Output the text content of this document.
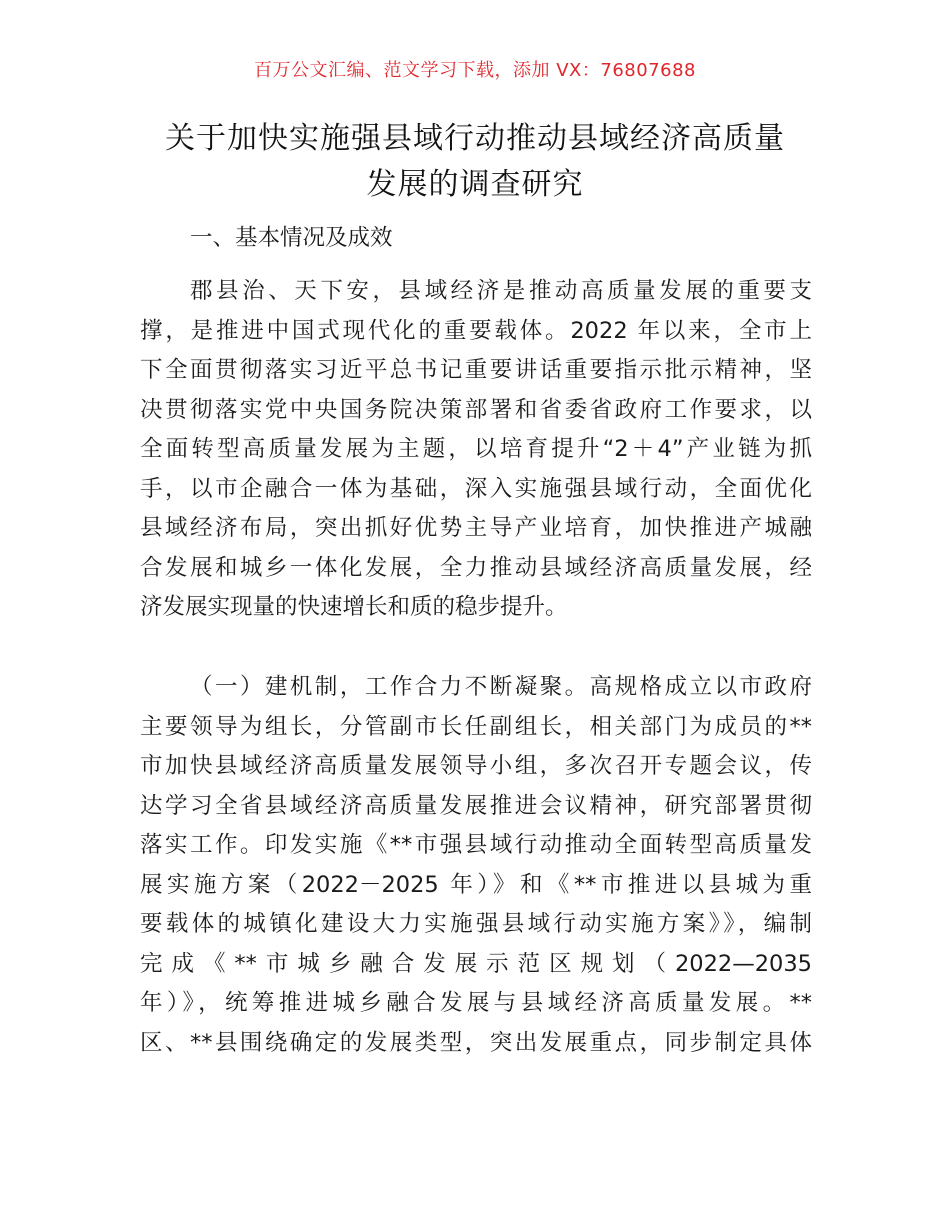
百万公文汇编、范文学习下载，添加 VX：76807688
关于加快实施强县域行动推动县域经济高质量
发展的调查研究
一、基本情况及成效
郡县治、天下安，县域经济是推动高质量发展的重要支
撑，是推进中国式现代化的重要载体。2022 年以来，全市上
下全面贯彻落实习近平总书记重要讲话重要指示批示精神，坚
决贯彻落实党中央国务院决策部署和省委省政府工作要求，以
全面转型高质量发展为主题，以培育提升“2＋4”产业链为抓
手，以市企融合一体为基础，深入实施强县域行动，全面优化
县域经济布局，突出抓好优势主导产业培育，加快推进产城融
合发展和城乡一体化发展，全力推动县域经济高质量发展，经
济发展实现量的快速增长和质的稳步提升。
（一）建机制，工作合力不断凝聚。高规格成立以市政府
主要领导为组长，分管副市长任副组长，相关部门为成员的**
市加快县域经济高质量发展领导小组，多次召开专题会议，传
达学习全省县域经济高质量发展推进会议精神，研究部署贯彻
落实工作。印发实施《**市强县域行动推动全面转型高质量发
展实施方案（2022－2025 年）》和《**市推进以县城为重
要载体的城镇化建设大力实施强县域行动实施方案》》，编制
完成《**市城乡融合发展示范区规划（2022—2035
年）》，统筹推进城乡融合发展与县域经济高质量发展。**
区、**县围绕确定的发展类型，突出发展重点，同步制定具体
